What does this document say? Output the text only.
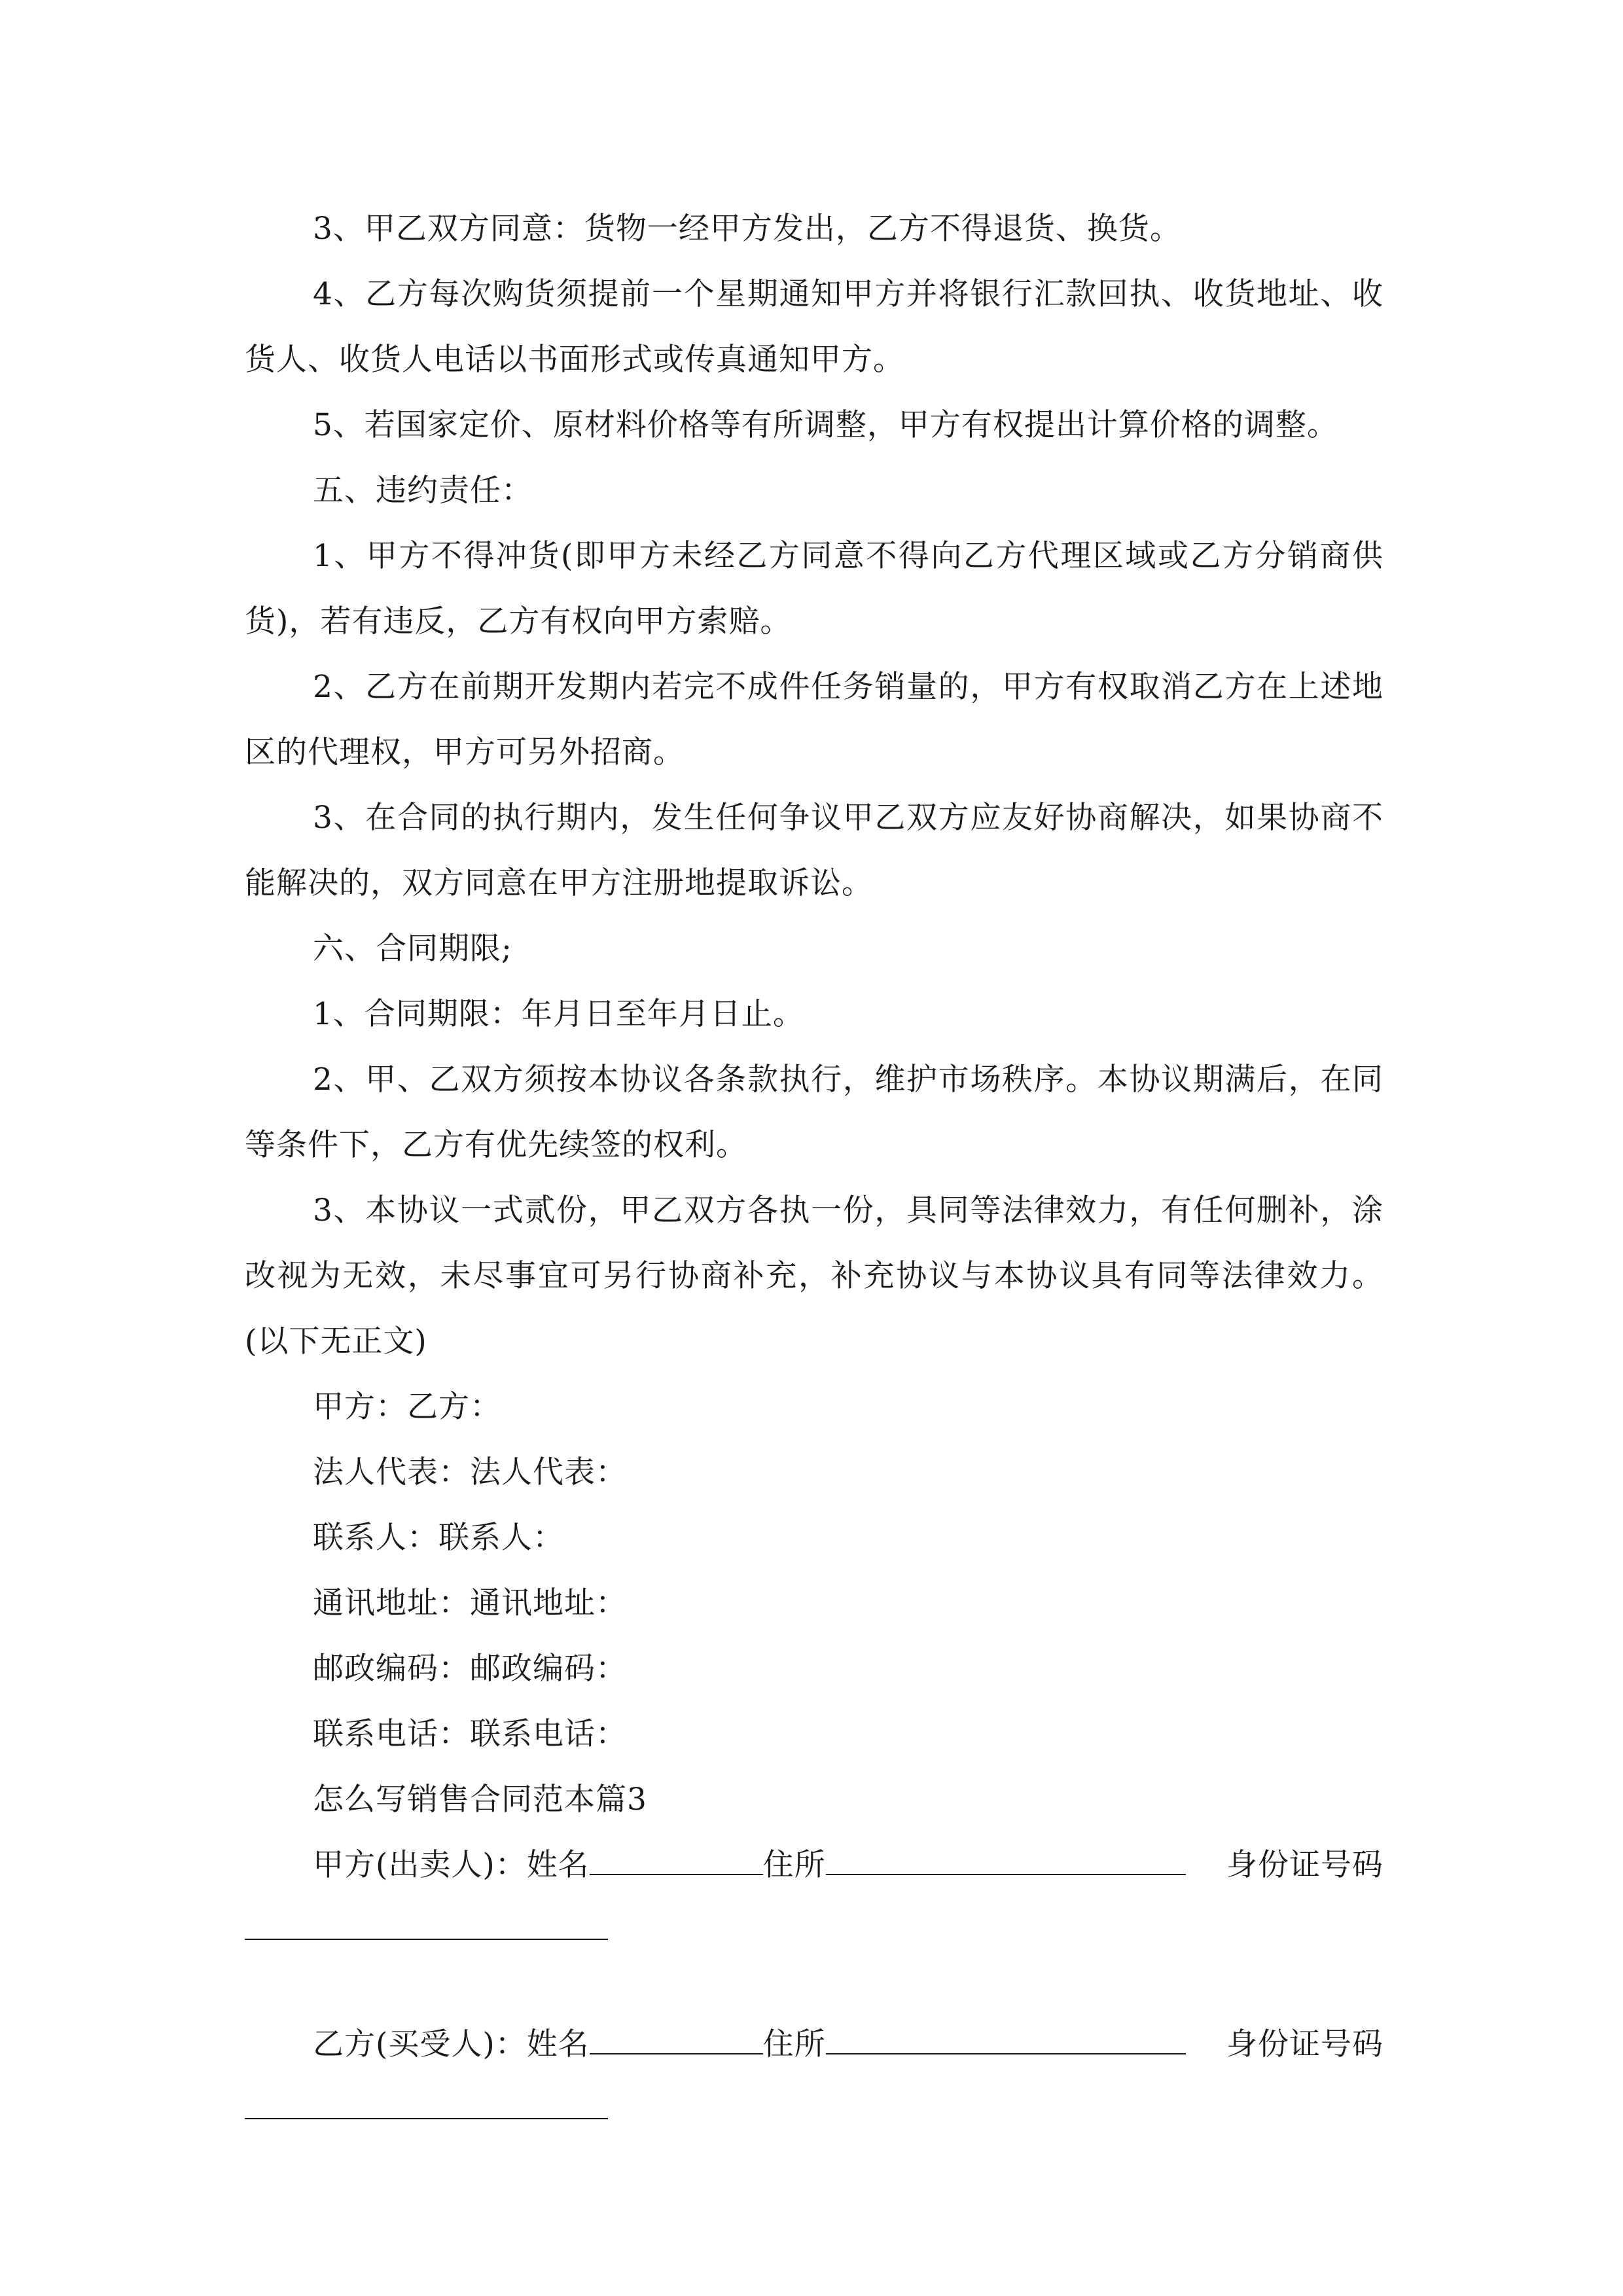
3、甲乙双方同意：货物一经甲方发出，乙方不得退货、换货。

4、乙方每次购货须提前一个星期通知甲方并将银行汇款回执、收货地址、收货人、收货人电话以书面形式或传真通知甲方。

5、若国家定价、原材料价格等有所调整，甲方有权提出计算价格的调整。

五、违约责任：

1、甲方不得冲货(即甲方未经乙方同意不得向乙方代理区域或乙方分销商供货)，若有违反，乙方有权向甲方索赔。

2、乙方在前期开发期内若完不成件任务销量的，甲方有权取消乙方在上述地区的代理权，甲方可另外招商。

3、在合同的执行期内，发生任何争议甲乙双方应友好协商解决，如果协商不能解决的，双方同意在甲方注册地提取诉讼。

六、合同期限;

1、合同期限：年月日至年月日止。

2、甲、乙双方须按本协议各条款执行，维护市场秩序。本协议期满后，在同等条件下，乙方有优先续签的权利。

3、本协议一式贰份，甲乙双方各执一份，具同等法律效力，有任何删补，涂改视为无效，未尽事宜可另行协商补充，补充协议与本协议具有同等法律效力。(以下无正文)

甲方：乙方：

法人代表：法人代表：

联系人：联系人：

通讯地址：通讯地址：

邮政编码：邮政编码：

联系电话：联系电话：

怎么写销售合同范本篇3

甲方(出卖人)： 姓名	住所	身份证号码
乙方(买受人)： 姓名	住所	身份证号码
